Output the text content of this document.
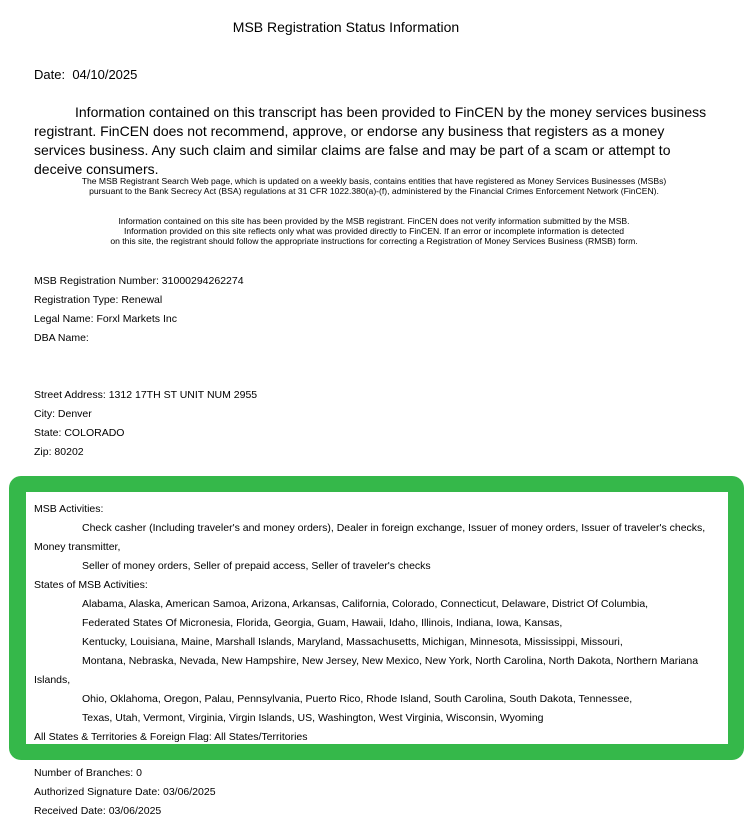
MSB Registration Status Information
Date: 04/10/2025
Information contained on this transcript has been provided to FinCEN by the money services business registrant. FinCEN does not recommend, approve, or endorse any business that registers as a money services business. Any such claim and similar claims are false and may be part of a scam or attempt to deceive consumers.
The MSB Registrant Search Web page, which is updated on a weekly basis, contains entities that have registered as Money Services Businesses (MSBs)
pursuant to the Bank Secrecy Act (BSA) regulations at 31 CFR 1022.380(a)-(f), administered by the Financial Crimes Enforcement Network (FinCEN).
Information contained on this site has been provided by the MSB registrant. FinCEN does not verify information submitted by the MSB.
Information provided on this site reflects only what was provided directly to FinCEN. If an error or incomplete information is detected
on this site, the registrant should follow the appropriate instructions for correcting a Registration of Money Services Business (RMSB) form.
MSB Registration Number: 31000294262274
Registration Type: Renewal
Legal Name: Forxl Markets Inc
DBA Name:
Street Address: 1312 17TH ST UNIT NUM 2955
City: Denver
State: COLORADO
Zip: 80202
MSB Activities:
Check casher (Including traveler's and money orders), Dealer in foreign exchange, Issuer of money orders, Issuer of traveler's checks,
Money transmitter,
Seller of money orders, Seller of prepaid access, Seller of traveler's checks
States of MSB Activities:
Alabama, Alaska, American Samoa, Arizona, Arkansas, California, Colorado, Connecticut, Delaware, District Of Columbia,
Federated States Of Micronesia, Florida, Georgia, Guam, Hawaii, Idaho, Illinois, Indiana, Iowa, Kansas,
Kentucky, Louisiana, Maine, Marshall Islands, Maryland, Massachusetts, Michigan, Minnesota, Mississippi, Missouri,
Montana, Nebraska, Nevada, New Hampshire, New Jersey, New Mexico, New York, North Carolina, North Dakota, Northern Mariana
Islands,
Ohio, Oklahoma, Oregon, Palau, Pennsylvania, Puerto Rico, Rhode Island, South Carolina, South Dakota, Tennessee,
Texas, Utah, Vermont, Virginia, Virgin Islands, US, Washington, West Virginia, Wisconsin, Wyoming
All States & Territories & Foreign Flag: All States/Territories
Number of Branches: 0
Authorized Signature Date: 03/06/2025
Received Date: 03/06/2025
